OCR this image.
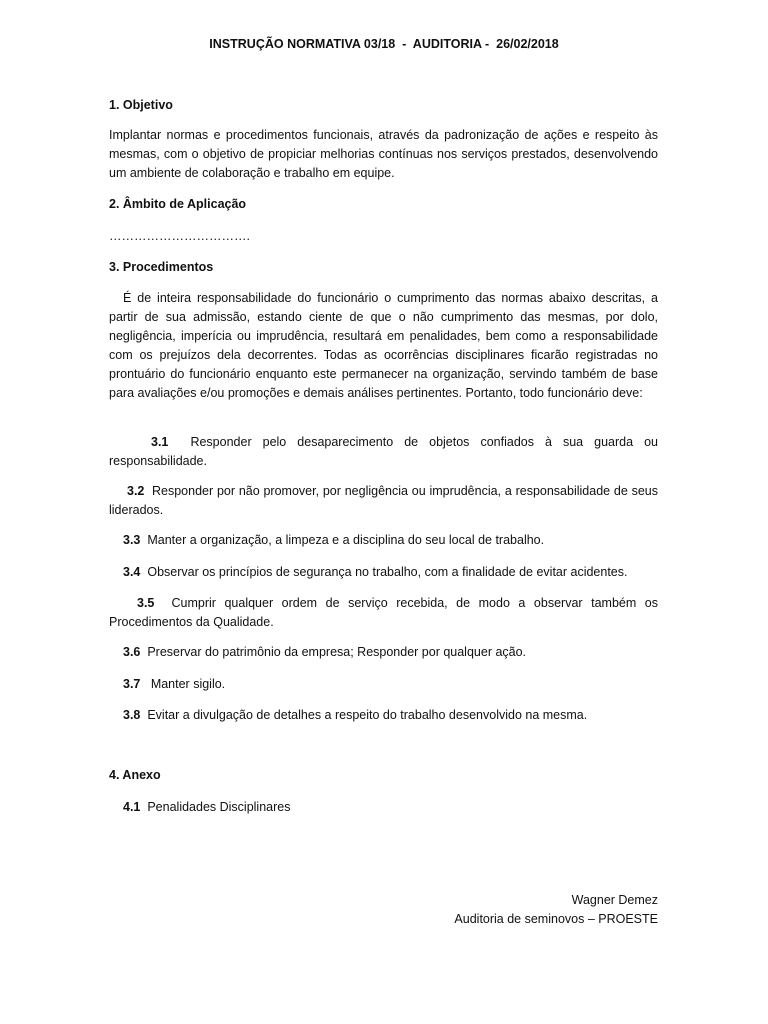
INSTRUÇÃO NORMATIVA 03/18  -  AUDITORIA -  26/02/2018
1. Objetivo
Implantar normas e procedimentos funcionais, através da padronização de ações e respeito às mesmas, com o objetivo de propiciar melhorias contínuas nos serviços prestados, desenvolvendo um ambiente de colaboração e trabalho em equipe.
2. Âmbito de Aplicação
…………………………….
3. Procedimentos
É de inteira responsabilidade do funcionário o cumprimento das normas abaixo descritas, a partir de sua admissão, estando ciente de que o não cumprimento das mesmas, por dolo, negligência, imperícia ou imprudência, resultará em penalidades, bem como a responsabilidade com os prejuízos dela decorrentes. Todas as ocorrências disciplinares ficarão registradas no prontuário do funcionário enquanto este permanecer na organização, servindo também de base para avaliações e/ou promoções e demais análises pertinentes. Portanto, todo funcionário deve:
3.1 Responder pelo desaparecimento de objetos confiados à sua guarda ou responsabilidade.
3.2 Responder por não promover, por negligência ou imprudência, a responsabilidade de seus liderados.
3.3 Manter a organização, a limpeza e a disciplina do seu local de trabalho.
3.4 Observar os princípios de segurança no trabalho, com a finalidade de evitar acidentes.
3.5 Cumprir qualquer ordem de serviço recebida, de modo a observar também os Procedimentos da Qualidade.
3.6 Preservar do patrimônio da empresa; Responder por qualquer ação.
3.7 Manter sigilo.
3.8 Evitar a divulgação de detalhes a respeito do trabalho desenvolvido na mesma.
4. Anexo
4.1 Penalidades Disciplinares
Wagner Demez
Auditoria de seminovos – PROESTE
